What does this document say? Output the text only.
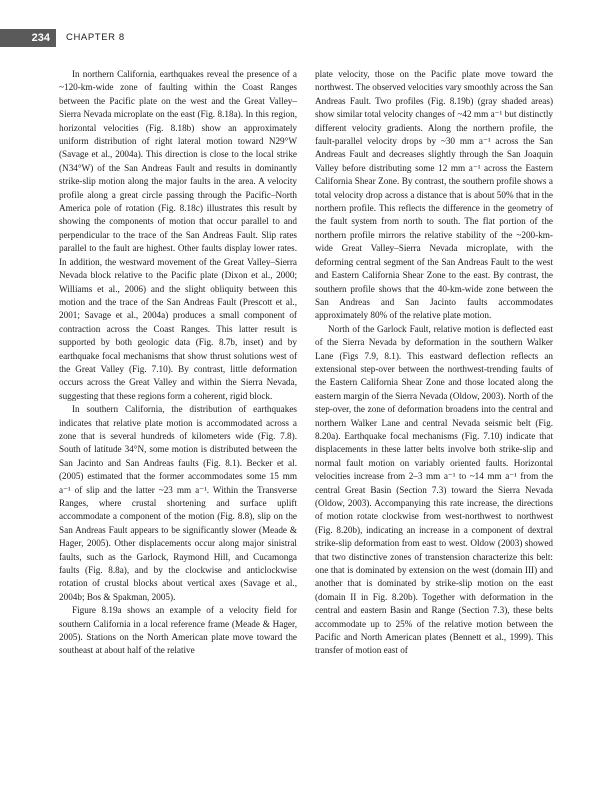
234	CHAPTER 8

In northern California, earthquakes reveal the presence of a ~120-km-wide zone of faulting within the Coast Ranges between the Pacific plate on the west and the Great Valley–Sierra Nevada microplate on the east (Fig. 8.18a). In this region, horizontal velocities (Fig. 8.18b) show an approximately uniform distribution of right lateral motion toward N29°W (Savage et al., 2004a). This direction is close to the local strike (N34°W) of the San Andreas Fault and results in dominantly strike-slip motion along the major faults in the area. A velocity profile along a great circle passing through the Pacific–North America pole of rotation (Fig. 8.18c) illustrates this result by showing the components of motion that occur parallel to and perpendicular to the trace of the San Andreas Fault. Slip rates parallel to the fault are highest. Other faults display lower rates. In addition, the westward movement of the Great Valley–Sierra Nevada block relative to the Pacific plate (Dixon et al., 2000; Williams et al., 2006) and the slight obliquity between this motion and the trace of the San Andreas Fault (Prescott et al., 2001; Savage et al., 2004a) produces a small component of contraction across the Coast Ranges. This latter result is supported by both geologic data (Fig. 8.7b, inset) and by earthquake focal mechanisms that show thrust solutions west of the Great Valley (Fig. 7.10). By contrast, little deformation occurs across the Great Valley and within the Sierra Nevada, suggesting that these regions form a coherent, rigid block.

In southern California, the distribution of earthquakes indicates that relative plate motion is accommodated across a zone that is several hundreds of kilometers wide (Fig. 7.8). South of latitude 34°N, some motion is distributed between the San Jacinto and San Andreas faults (Fig. 8.1). Becker et al. (2005) estimated that the former accommodates some 15 mm a⁻¹ of slip and the latter ~23 mm a⁻¹. Within the Transverse Ranges, where crustal shortening and surface uplift accommodate a component of the motion (Fig. 8.8), slip on the San Andreas Fault appears to be significantly slower (Meade & Hager, 2005). Other displacements occur along major sinistral faults, such as the Garlock, Raymond Hill, and Cucamonga faults (Fig. 8.8a), and by the clockwise and anticlockwise rotation of crustal blocks about vertical axes (Savage et al., 2004b; Bos & Spakman, 2005).

Figure 8.19a shows an example of a velocity field for southern California in a local reference frame (Meade & Hager, 2005). Stations on the North American plate move toward the southeast at about half of the relative

plate velocity, those on the Pacific plate move toward the northwest. The observed velocities vary smoothly across the San Andreas Fault. Two profiles (Fig. 8.19b) (gray shaded areas) show similar total velocity changes of ~42 mm a⁻¹ but distinctly different velocity gradients. Along the northern profile, the fault-parallel velocity drops by ~30 mm a⁻¹ across the San Andreas Fault and decreases slightly through the San Joaquin Valley before distributing some 12 mm a⁻¹ across the Eastern California Shear Zone. By contrast, the southern profile shows a total velocity drop across a distance that is about 50% that in the northern profile. This reflects the difference in the geometry of the fault system from north to south. The flat portion of the northern profile mirrors the relative stability of the ~200-km-wide Great Valley–Sierra Nevada microplate, with the deforming central segment of the San Andreas Fault to the west and Eastern California Shear Zone to the east. By contrast, the southern profile shows that the 40-km-wide zone between the San Andreas and San Jacinto faults accommodates approximately 80% of the relative plate motion.

North of the Garlock Fault, relative motion is deflected east of the Sierra Nevada by deformation in the southern Walker Lane (Figs 7.9, 8.1). This eastward deflection reflects an extensional step-over between the northwest-trending faults of the Eastern California Shear Zone and those located along the eastern margin of the Sierra Nevada (Oldow, 2003). North of the step-over, the zone of deformation broadens into the central and northern Walker Lane and central Nevada seismic belt (Fig. 8.20a). Earthquake focal mechanisms (Fig. 7.10) indicate that displacements in these latter belts involve both strike-slip and normal fault motion on variably oriented faults. Horizontal velocities increase from 2–3 mm a⁻¹ to ~14 mm a⁻¹ from the central Great Basin (Section 7.3) toward the Sierra Nevada (Oldow, 2003). Accompanying this rate increase, the directions of motion rotate clockwise from west-northwest to northwest (Fig. 8.20b), indicating an increase in a component of dextral strike-slip deformation from east to west. Oldow (2003) showed that two distinctive zones of transtension characterize this belt: one that is dominated by extension on the west (domain III) and another that is dominated by strike-slip motion on the east (domain II in Fig. 8.20b). Together with deformation in the central and eastern Basin and Range (Section 7.3), these belts accommodate up to 25% of the relative motion between the Pacific and North American plates (Bennett et al., 1999). This transfer of motion east of
